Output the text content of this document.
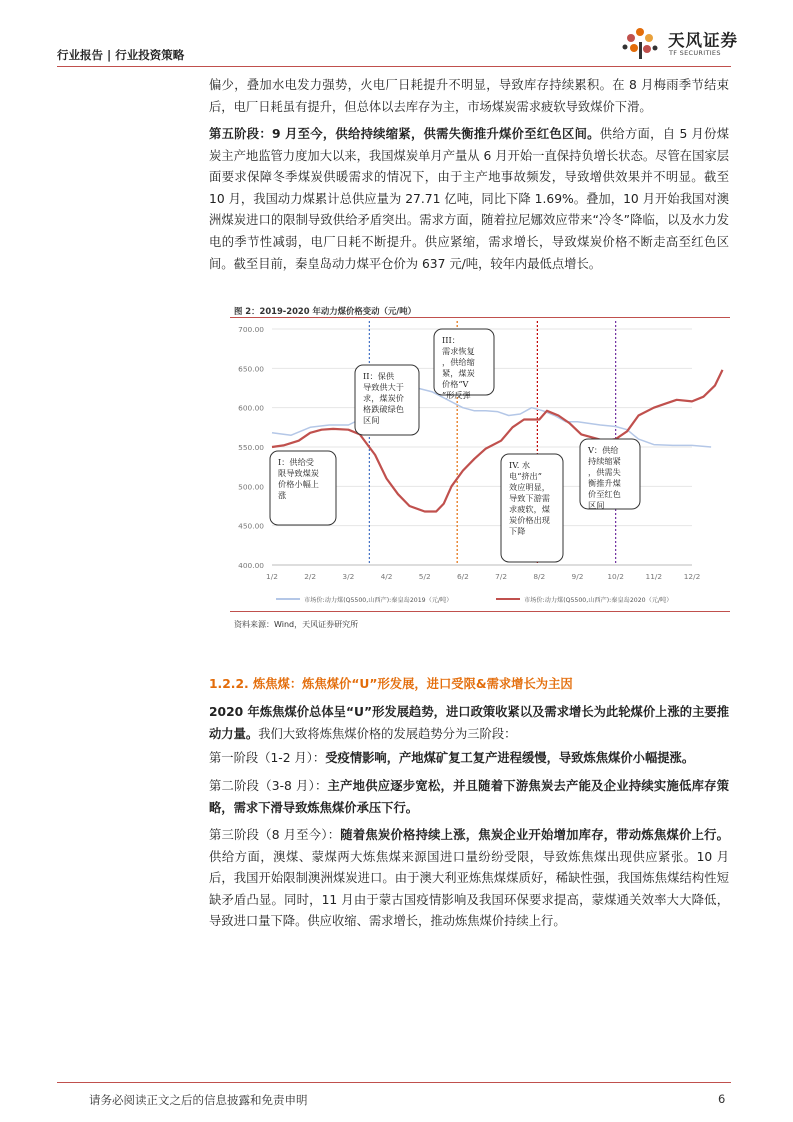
行业报告 | 行业投资策略
天风证券
TF SECURITIES
偏少，叠加水电发力强势，火电厂日耗提升不明显，导致库存持续累积。在 8 月梅雨季节结束后，电厂日耗虽有提升，但总体以去库存为主，市场煤炭需求疲软导致煤价下滑。
第五阶段：9 月至今，供给持续缩紧，供需失衡推升煤价至红色区间。供给方面，自 5 月份煤炭主产地监管力度加大以来，我国煤炭单月产量从 6 月开始一直保持负增长状态。尽管在国家层面要求保障冬季煤炭供暖需求的情况下，由于主产地事故频发，导致增供效果并不明显。截至 10 月，我国动力煤累计总供应量为 27.71 亿吨，同比下降 1.69%。叠加，10 月开始我国对澳洲煤炭进口的限制导致供给矛盾突出。需求方面，随着拉尼娜效应带来“冷冬”降临，以及水力发电的季节性减弱，电厂日耗不断提升。供应紧缩，需求增长，导致煤炭价格不断走高至红色区间。截至目前，秦皇岛动力煤平仓价为 637 元/吨，较年内最低点增长。
图 2：2019-2020 年动力煤价格变动（元/吨）
700.00
650.00
600.00
550.00
500.00
450.00
400.00
1/2	2/2	3/2	4/2	5/2	6/2	7/2	8/2	9/2	10/2	11/2	12/2
I：供给受限导致煤炭价格小幅上涨
II：保供导致供大于求，煤炭价格跌破绿色区间
III：需求恢复，供给缩紧，煤炭价格“V ”形反弹
IV. 水电“挤出”效应明显，导致下游需求疲软，煤炭价格出现下降
V：供给持续缩紧，供需失衡推升煤价至红色区间
市场价:动力煤(Q5500,山西产):秦皇岛2019（元/吨）	市场价:动力煤(Q5500,山西产):秦皇岛2020（元/吨）
资料来源：Wind，天风证券研究所
1.2.2. 炼焦煤：炼焦煤价“U”形发展，进口受限&需求增长为主因
2020 年炼焦煤价总体呈“U”形发展趋势，进口政策收紧以及需求增长为此轮煤价上涨的主要推动力量。我们大致将炼焦煤价格的发展趋势分为三阶段：
第一阶段（1-2 月）：受疫情影响，产地煤矿复工复产进程缓慢，导致炼焦煤价小幅提涨。
第二阶段（3-8 月）：主产地供应逐步宽松，并且随着下游焦炭去产能及企业持续实施低库存策略，需求下滑导致炼焦煤价承压下行。
第三阶段（8 月至今）：随着焦炭价格持续上涨，焦炭企业开始增加库存，带动炼焦煤价上行。供给方面，澳煤、蒙煤两大炼焦煤来源国进口量纷纷受限，导致炼焦煤出现供应紧张。10 月后，我国开始限制澳洲煤炭进口。由于澳大利亚炼焦煤煤质好，稀缺性强，我国炼焦煤结构性短缺矛盾凸显。同时，11 月由于蒙古国疫情影响及我国环保要求提高，蒙煤通关效率大大降低，导致进口量下降。供应收缩、需求增长，推动炼焦煤价持续上行。
请务必阅读正文之后的信息披露和免责申明	6
